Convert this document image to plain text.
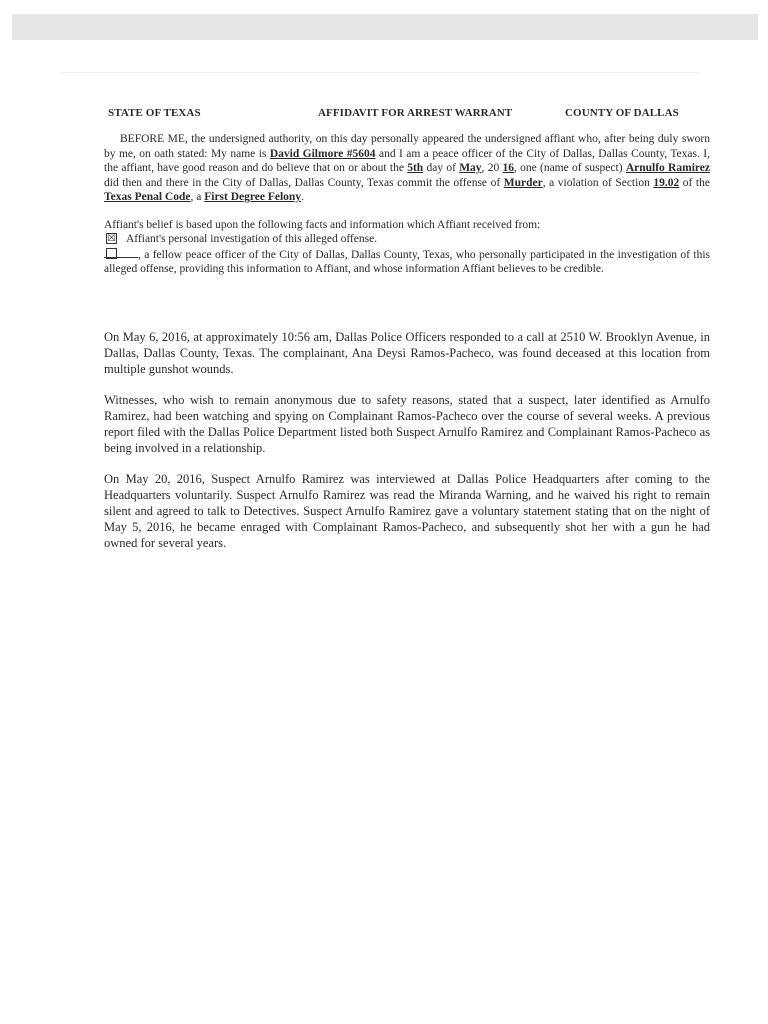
STATE OF TEXAS	AFFIDAVIT FOR ARREST WARRANT	COUNTY OF DALLAS
BEFORE ME, the undersigned authority, on this day personally appeared the undersigned affiant who, after being duly sworn by me, on oath stated: My name is David Gilmore #5604 and I am a peace officer of the City of Dallas, Dallas County, Texas. I, the affiant, have good reason and do believe that on or about the 5th day of May, 20 16, one (name of suspect) Arnulfo Ramirez did then and there in the City of Dallas, Dallas County, Texas commit the offense of Murder, a violation of Section 19.02 of the Texas Penal Code, a First Degree Felony.
Affiant's belief is based upon the following facts and information which Affiant received from:
☒ Affiant's personal investigation of this alleged offense.
, a fellow peace officer of the City of Dallas, Dallas County, Texas, who personally participated in the investigation of this alleged offense, providing this information to Affiant, and whose information Affiant believes to be credible.
On May 6, 2016, at approximately 10:56 am, Dallas Police Officers responded to a call at 2510 W. Brooklyn Avenue, in Dallas, Dallas County, Texas. The complainant, Ana Deysi Ramos-Pacheco, was found deceased at this location from multiple gunshot wounds.
Witnesses, who wish to remain anonymous due to safety reasons, stated that a suspect, later identified as Arnulfo Ramirez, had been watching and spying on Complainant Ramos-Pacheco over the course of several weeks. A previous report filed with the Dallas Police Department listed both Suspect Arnulfo Ramirez and Complainant Ramos-Pacheco as being involved in a relationship.
On May 20, 2016, Suspect Arnulfo Ramirez was interviewed at Dallas Police Headquarters after coming to the Headquarters voluntarily. Suspect Arnulfo Ramirez was read the Miranda Warning, and he waived his right to remain silent and agreed to talk to Detectives. Suspect Arnulfo Ramirez gave a voluntary statement stating that on the night of May 5, 2016, he became enraged with Complainant Ramos-Pacheco, and subsequently shot her with a gun he had owned for several years.
